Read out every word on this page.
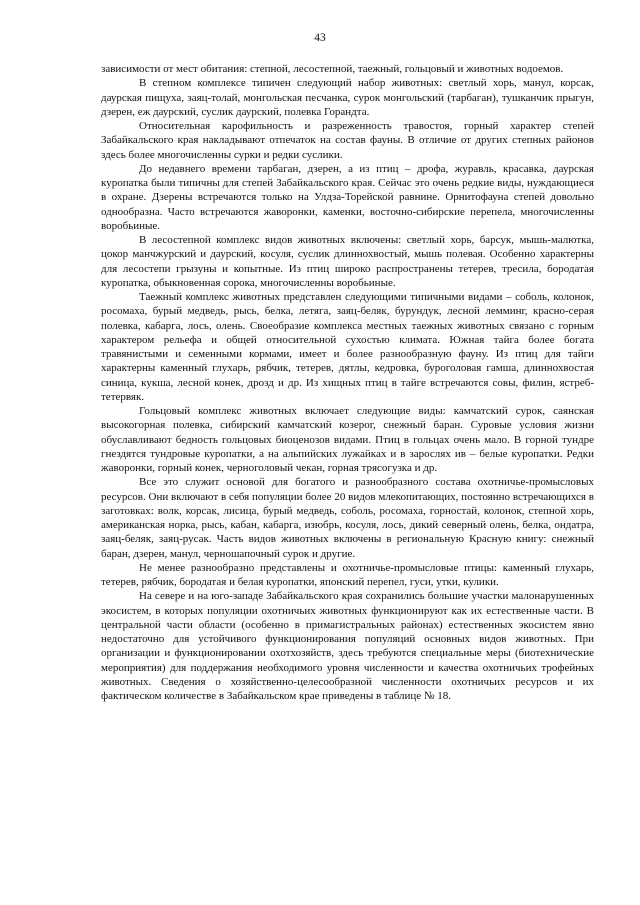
43

зависимости от мест обитания: степной, лесостепной, таежный, гольцовый и животных водоемов.

В степном комплексе типичен следующий набор животных: светлый хорь, манул, корсак, даурская пищуха, заяц-толай, монгольская песчанка, сурок монгольский (тарбаган), тушканчик прыгун, дзерен, еж даурский, суслик даурский, полевка Горандта.

Относительная карофильность и разреженность травостоя, горный характер степей Забайкальского края накладывают отпечаток на состав фауны. В отличие от других степных районов здесь более многочисленны сурки и редки суслики.

До недавнего времени тарбаган, дзерен, а из птиц – дрофа, журавль, красавка, даурская куропатка были типичны для степей Забайкальского края. Сейчас это очень редкие виды, нуждающиеся в охране. Дзерены встречаются только на Улдза-Торейской равнине. Орнитофауна степей довольно однообразна. Часто встречаются жаворонки, каменки, восточно-сибирские перепела, многочисленны воробьиные.

В лесостепной комплекс видов животных включены: светлый хорь, барсук, мышь-малютка, цокор манчжурский и даурский, косуля, суслик длиннохвостый, мышь полевая. Особенно характерны для лесостепи грызуны и копытные. Из птиц широко распространены тетерев, тресила, бородатая куропатка, обыкновенная сорока, многочисленны воробьиные.

Таежный комплекс животных представлен следующими типичными видами – соболь, колонок, росомаха, бурый медведь, рысь, белка, летяга, заяц-беляк, бурундук, лесной лемминг, красно-серая полевка, кабарга, лось, олень. Своеобразие комплекса местных таежных животных связано с горным характером рельефа и общей относительной сухостью климата. Южная тайга более богата травянистыми и семенными кормами, имеет и более разнообразную фауну. Из птиц для тайги характерны каменный глухарь, рябчик, тетерев, дятлы, кедровка, буроголовая гамша, длиннохвостая синица, кукша, лесной конек, дрозд и др. Из хищных птиц в тайге встречаются совы, филин, ястреб-тетервяк.

Гольцовый комплекс животных включает следующие виды: камчатский сурок, саянская высокогорная полевка, сибирский камчатский козерог, снежный баран. Суровые условия жизни обуславливают бедность гольцовых биоценозов видами. Птиц в гольцах очень мало. В горной тундре гнездятся тундровые куропатки, а на альпийских лужайках и в зарослях ив – белые куропатки. Редки жаворонки, горный конек, черноголовый чекан, горная трясогузка и др.

Все это служит основой для богатого и разнообразного состава охотничье-промысловых ресурсов. Они включают в себя популяции более 20 видов млекопитающих, постоянно встречающихся в заготовках: волк, корсак, лисица, бурый медведь, соболь, росомаха, горностай, колонок, степной хорь, американская норка, рысь, кабан, кабарга, изюбрь, косуля, лось, дикий северный олень, белка, ондатра, заяц-беляк, заяц-русак. Часть видов животных включены в региональную Красную книгу: снежный баран, дзерен, манул, черношапочный сурок и другие.

Не менее разнообразно представлены и охотничье-промысловые птицы: каменный глухарь, тетерев, рябчик, бородатая и белая куропатки, японский перепел, гуси, утки, кулики.

На севере и на юго-западе Забайкальского края сохранились большие участки малонарушенных экосистем, в которых популяции охотничьих животных функционируют как их естественные части. В центральной части области (особенно в примагистральных районах) естественных экосистем явно недостаточно для устойчивого функционирования популяций основных видов животных. При организации и функционировании охотхозяйств, здесь требуются специальные меры (биотехнические мероприятия) для поддержания необходимого уровня численности и качества охотничьих трофейных животных. Сведения о хозяйственно-целесообразной численности охотничьих ресурсов и их фактическом количестве в Забайкальском крае приведены в таблице № 18.
